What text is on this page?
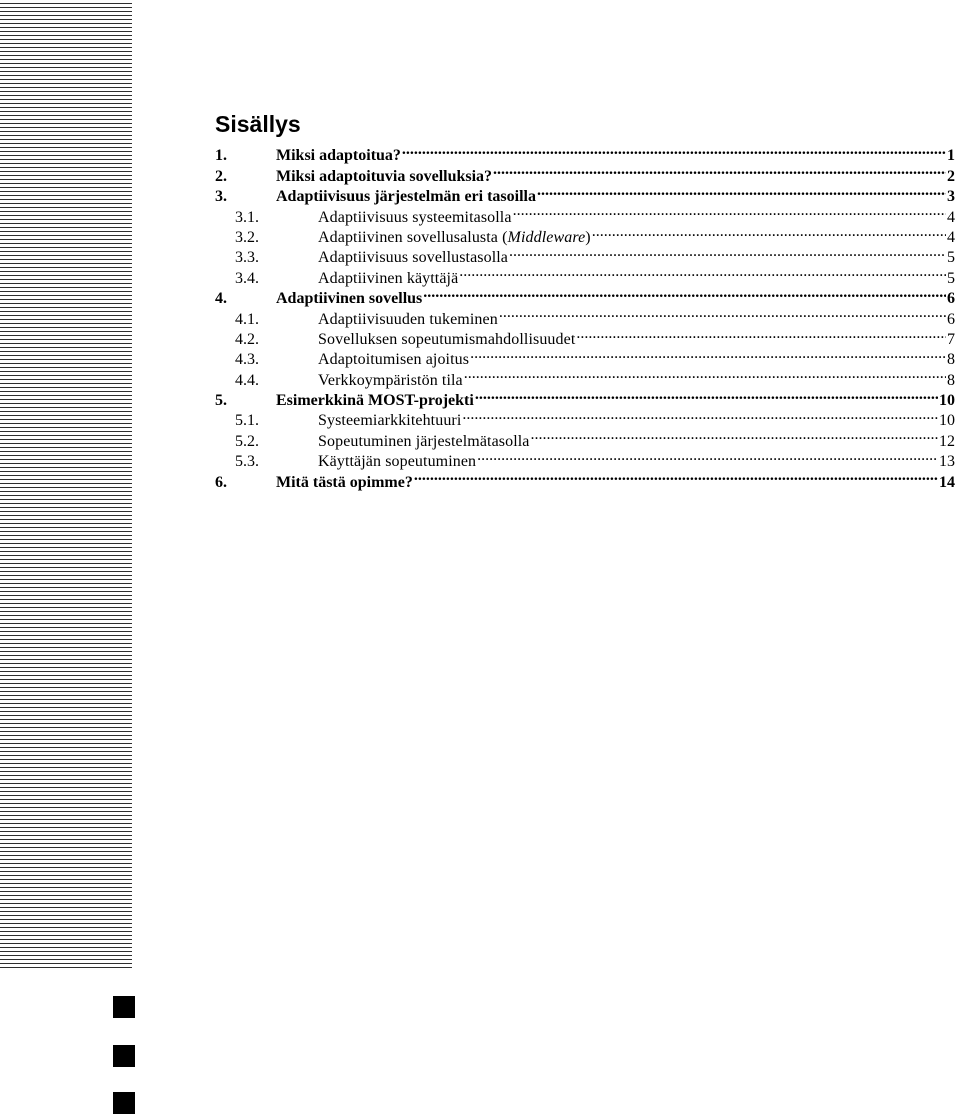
Sisällys
1.	Miksi adaptoitua? .....	1
2.	Miksi adaptoituvia sovelluksia? .....	2
3.	Adaptiivisuus järjestelmän eri tasoilla .....	3
3.1.	Adaptiivisuus systeemitasolla .....	4
3.2.	Adaptiivinen sovellusalusta (Middleware) .....	4
3.3.	Adaptiivisuus sovellustasolla .....	5
3.4.	Adaptiivinen käyttäjä .....	5
4.	Adaptiivinen sovellus .....	6
4.1.	Adaptiivisuuden tukeminen .....	6
4.2.	Sovelluksen sopeutumismahdollisuudet .....	7
4.3.	Adaptoitumisen ajoitus .....	8
4.4.	Verkkoympäristön tila .....	8
5.	Esimerkkinä MOST-projekti .....	10
5.1.	Systeemiarkkitehtuuri .....	10
5.2.	Sopeutuminen järjestelmätasolla .....	12
5.3.	Käyttäjän sopeutuminen .....	13
6.	Mitä tästä opimme? .....	14
